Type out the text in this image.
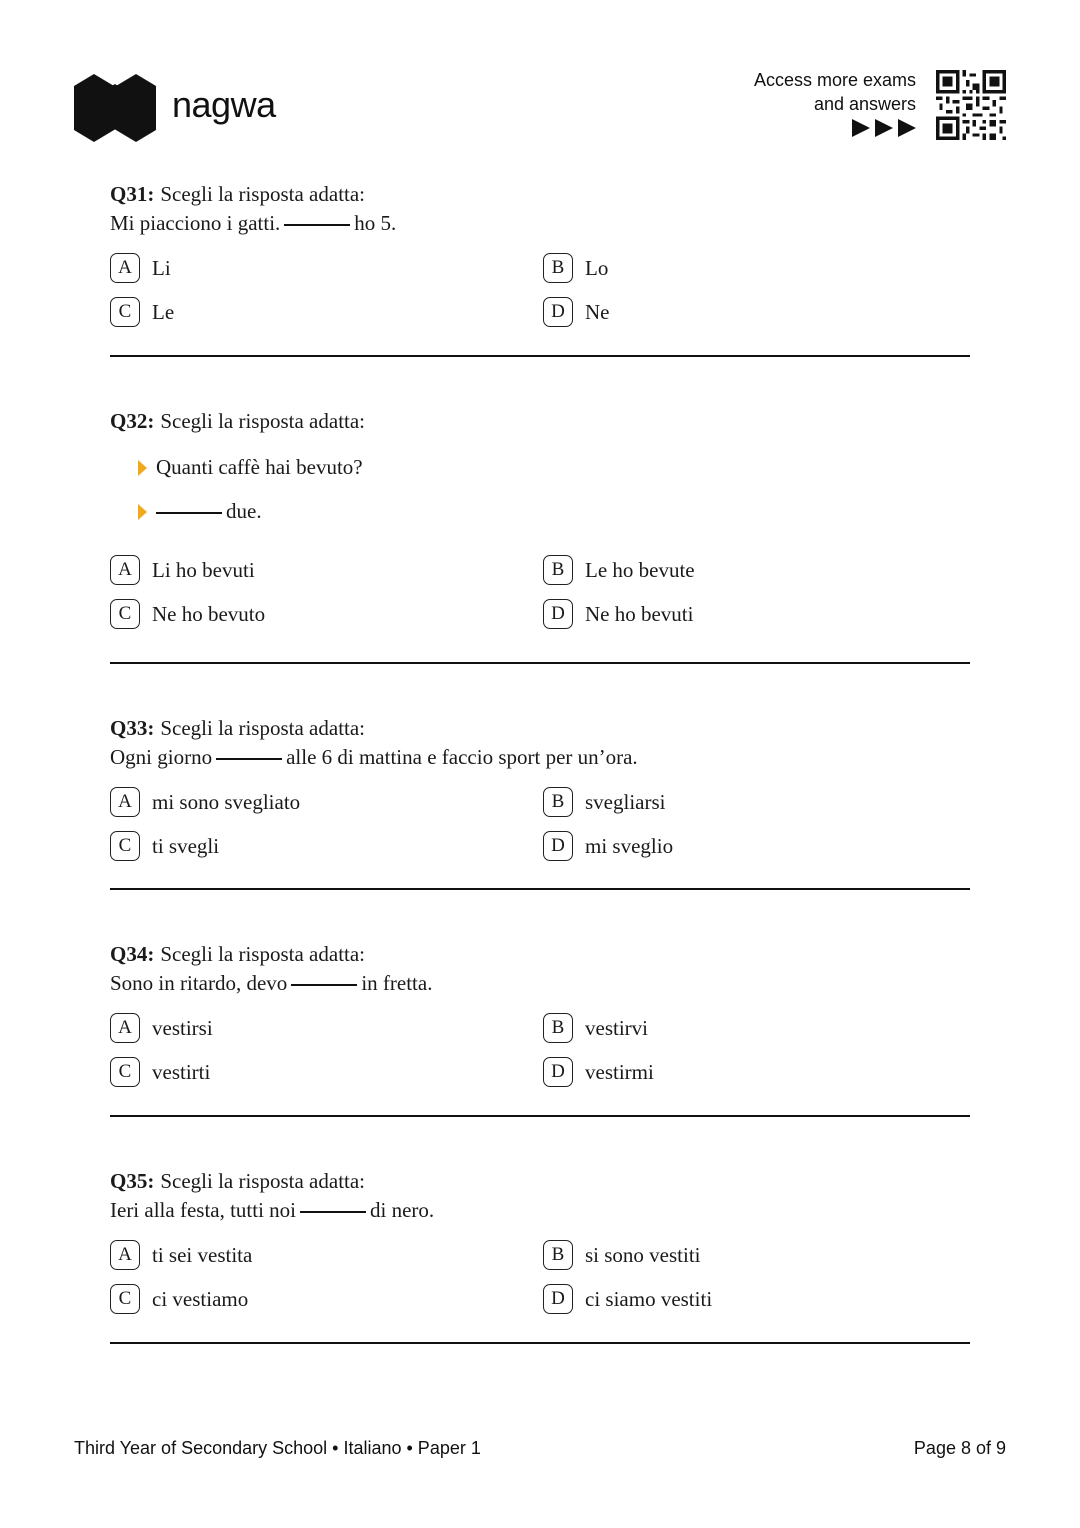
nagwa
Access more exams
and answers
Q31: Scegli la risposta adatta:
Mi piacciono i gatti.	ho 5.
A Li	B Lo
C Le	D Ne
Q32: Scegli la risposta adatta:
Quanti caffè hai bevuto?
due.
A Li ho bevuti	B Le ho bevute
C Ne ho bevuto	D Ne ho bevuti
Q33: Scegli la risposta adatta:
Ogni giorno	alle 6 di mattina e faccio sport per un’ora.
A mi sono svegliato	B svegliarsi
C ti svegli	D mi sveglio
Q34: Scegli la risposta adatta:
Sono in ritardo, devo	in fretta.
A vestirsi	B vestirvi
C vestirti	D vestirmi
Q35: Scegli la risposta adatta:
Ieri alla festa, tutti noi	di nero.
A ti sei vestita	B si sono vestiti
C ci vestiamo	D ci siamo vestiti
Third Year of Secondary School • Italiano • Paper 1	Page 8 of 9
